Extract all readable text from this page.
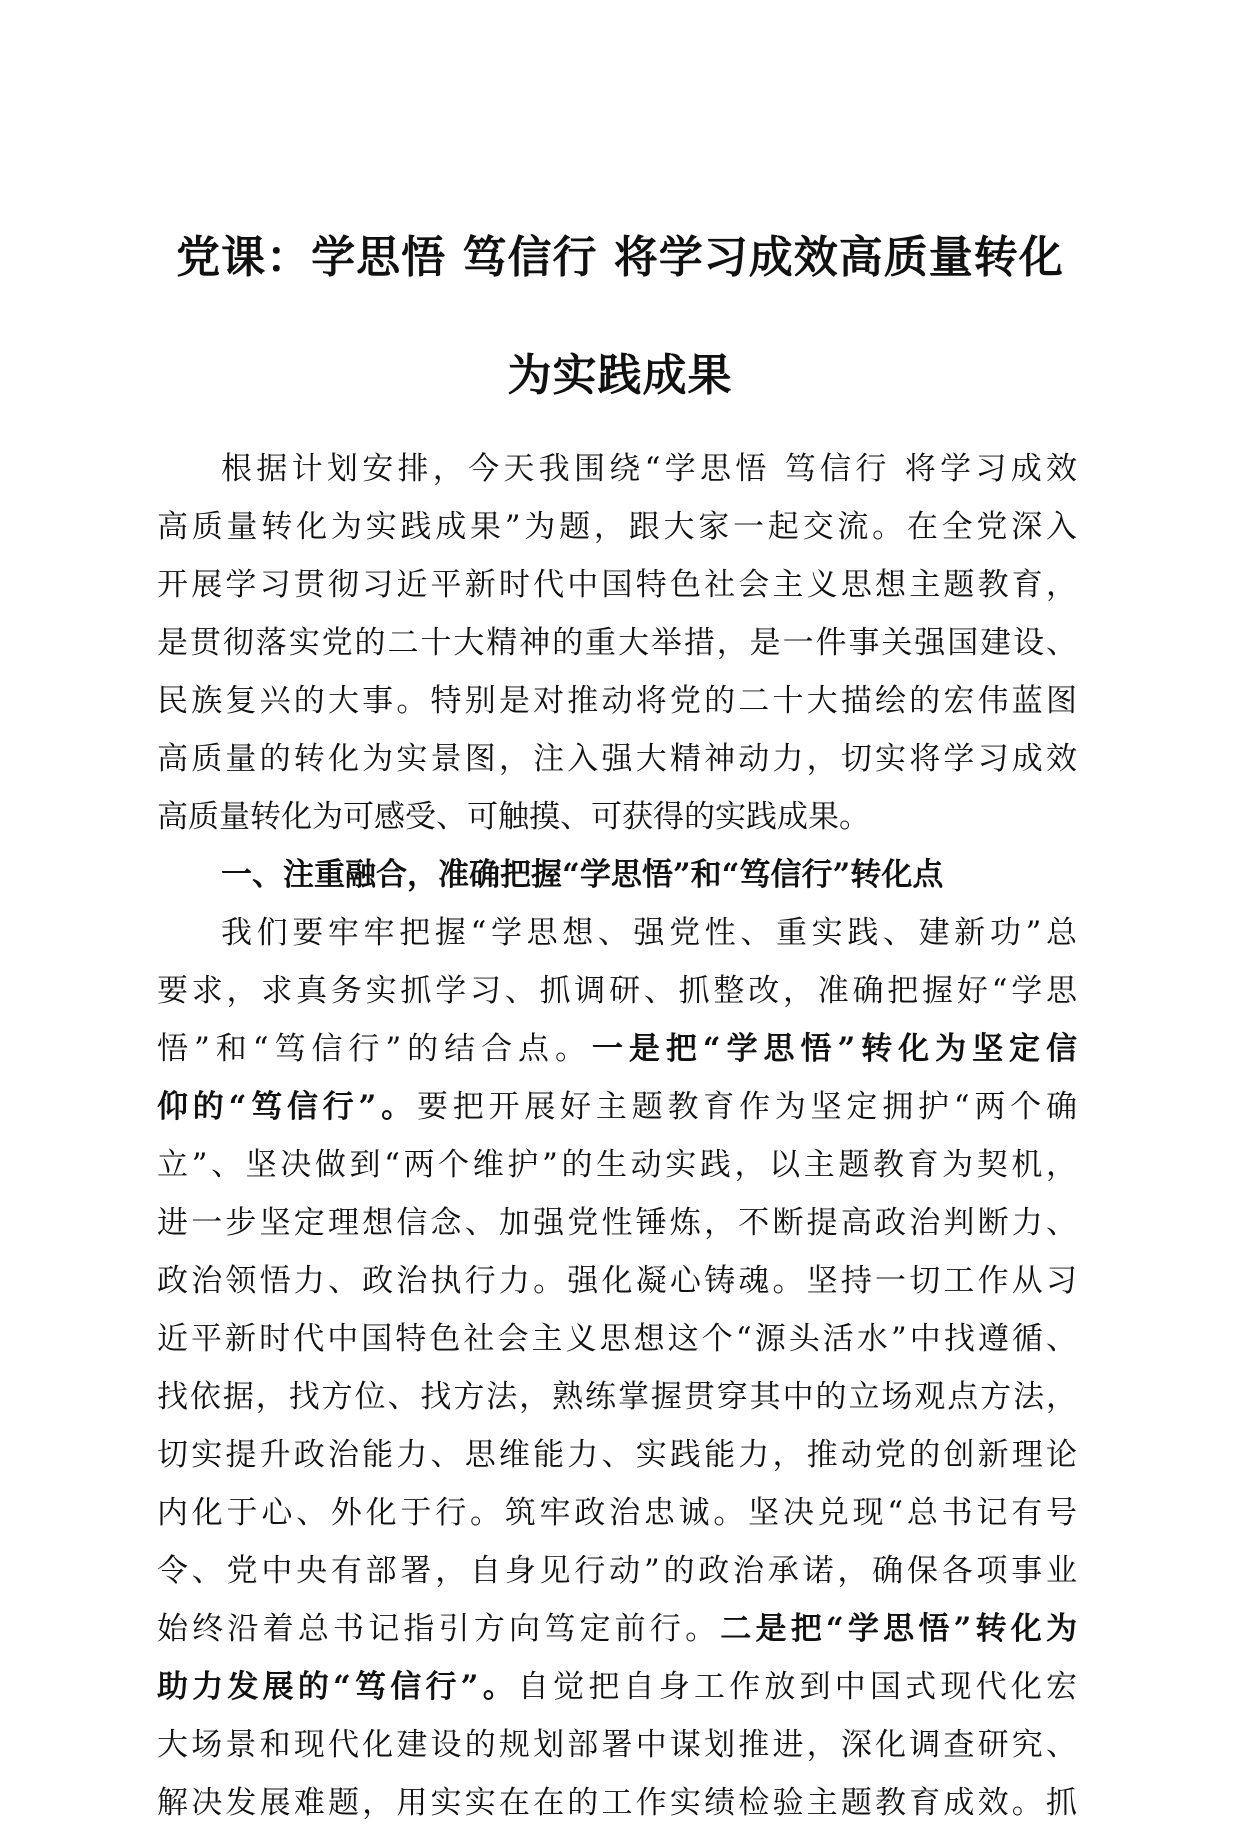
党课：学思悟 笃信行 将学习成效高质量转化
为实践成果
根据计划安排，今天我围绕“学思悟 笃信行 将学习成效
高质量转化为实践成果”为题，跟大家一起交流。在全党深入
开展学习贯彻习近平新时代中国特色社会主义思想主题教育，
是贯彻落实党的二十大精神的重大举措，是一件事关强国建设、
民族复兴的大事。特别是对推动将党的二十大描绘的宏伟蓝图
高质量的转化为实景图，注入强大精神动力，切实将学习成效
高质量转化为可感受、可触摸、可获得的实践成果。
一、注重融合，准确把握“学思悟”和“笃信行”转化点
我们要牢牢把握“学思想、强党性、重实践、建新功”总
要求，求真务实抓学习、抓调研、抓整改，准确把握好“学思
悟”和“笃信行”的结合点。一是把“学思悟”转化为坚定信
仰的“笃信行”。要把开展好主题教育作为坚定拥护“两个确
立”、坚决做到“两个维护”的生动实践，以主题教育为契机，
进一步坚定理想信念、加强党性锤炼，不断提高政治判断力、
政治领悟力、政治执行力。强化凝心铸魂。坚持一切工作从习
近平新时代中国特色社会主义思想这个“源头活水”中找遵循、
找依据，找方位、找方法，熟练掌握贯穿其中的立场观点方法，
切实提升政治能力、思维能力、实践能力，推动党的创新理论
内化于心、外化于行。筑牢政治忠诚。坚决兑现“总书记有号
令、党中央有部署，自身见行动”的政治承诺，确保各项事业
始终沿着总书记指引方向笃定前行。二是把“学思悟”转化为
助力发展的“笃信行”。自觉把自身工作放到中国式现代化宏
大场景和现代化建设的规划部署中谋划推进，深化调查研究、
解决发展难题，用实实在在的工作实绩检验主题教育成效。抓
